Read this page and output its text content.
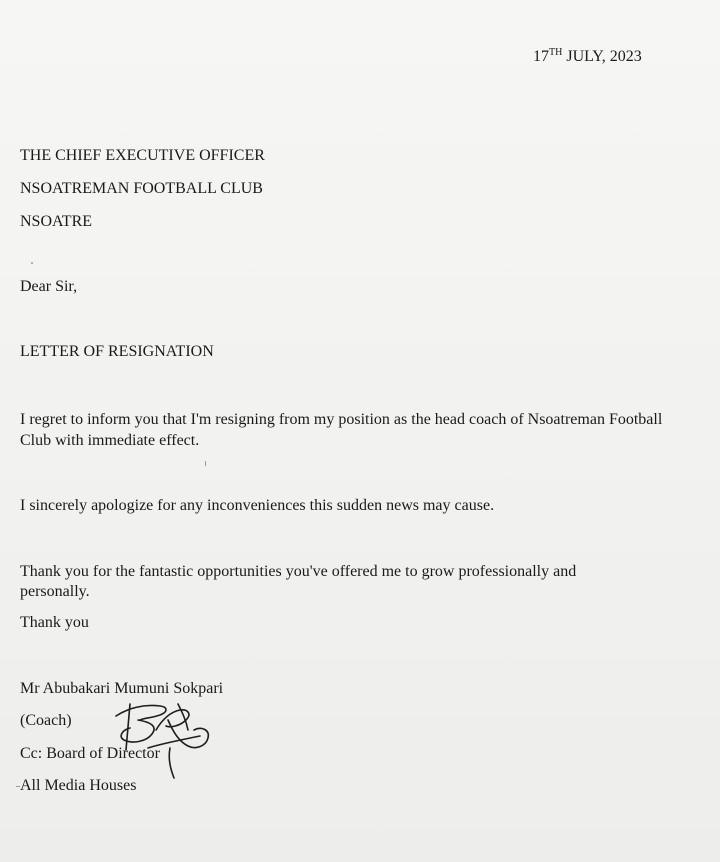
17TH JULY, 2023
THE CHIEF EXECUTIVE OFFICER
NSOATREMAN FOOTBALL CLUB
NSOATRE
Dear Sir,
LETTER OF RESIGNATION
I regret to inform you that I'm resigning from my position as the head coach of Nsoatreman Football Club with immediate effect.
I sincerely apologize for any inconveniences this sudden news may cause.
Thank you for the fantastic opportunities you've offered me to grow professionally and personally.
Thank you
Mr Abubakari Mumuni Sokpari
(Coach)
Cc: Board of Director
All Media Houses
